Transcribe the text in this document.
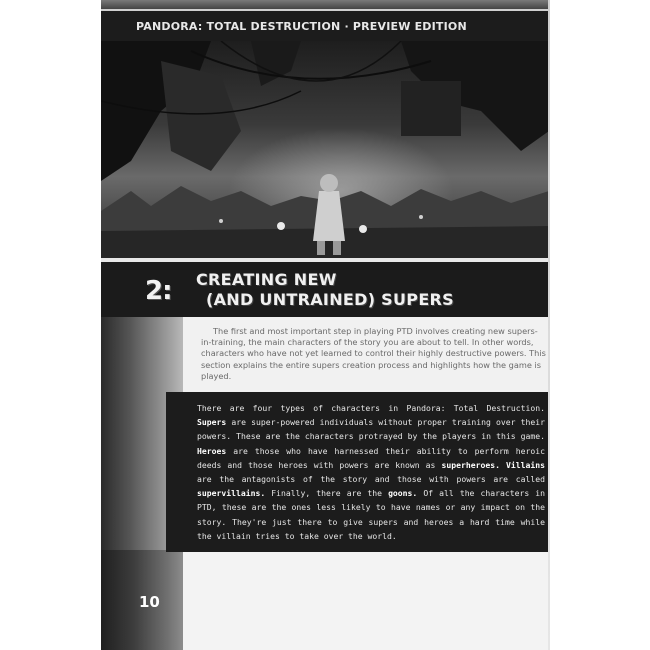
PANDORA: TOTAL DESTRUCTION · PREVIEW EDITION
2: CREATING NEW
(AND UNTRAINED) SUPERS

The first and most important step in playing PTD involves creating new supers-in-training, the main characters of the story you are about to tell. In other words, characters who have not yet learned to control their highly destructive powers. This section explains the entire supers creation process and highlights how the game is played.

There are four types of characters in Pandora: Total Destruction. Supers are super-powered individuals without proper training over their powers. These are the characters protrayed by the players in this game. Heroes are those who have harnessed their ability to perform heroic deeds and those heroes with powers are known as superheroes. Villains are the antagonists of the story and those with powers are called supervillains. Finally, there are the goons. Of all the characters in PTD, these are the ones less likely to have names or any impact on the story. They're just there to give supers and heroes a hard time while the villain tries to take over the world.

10
